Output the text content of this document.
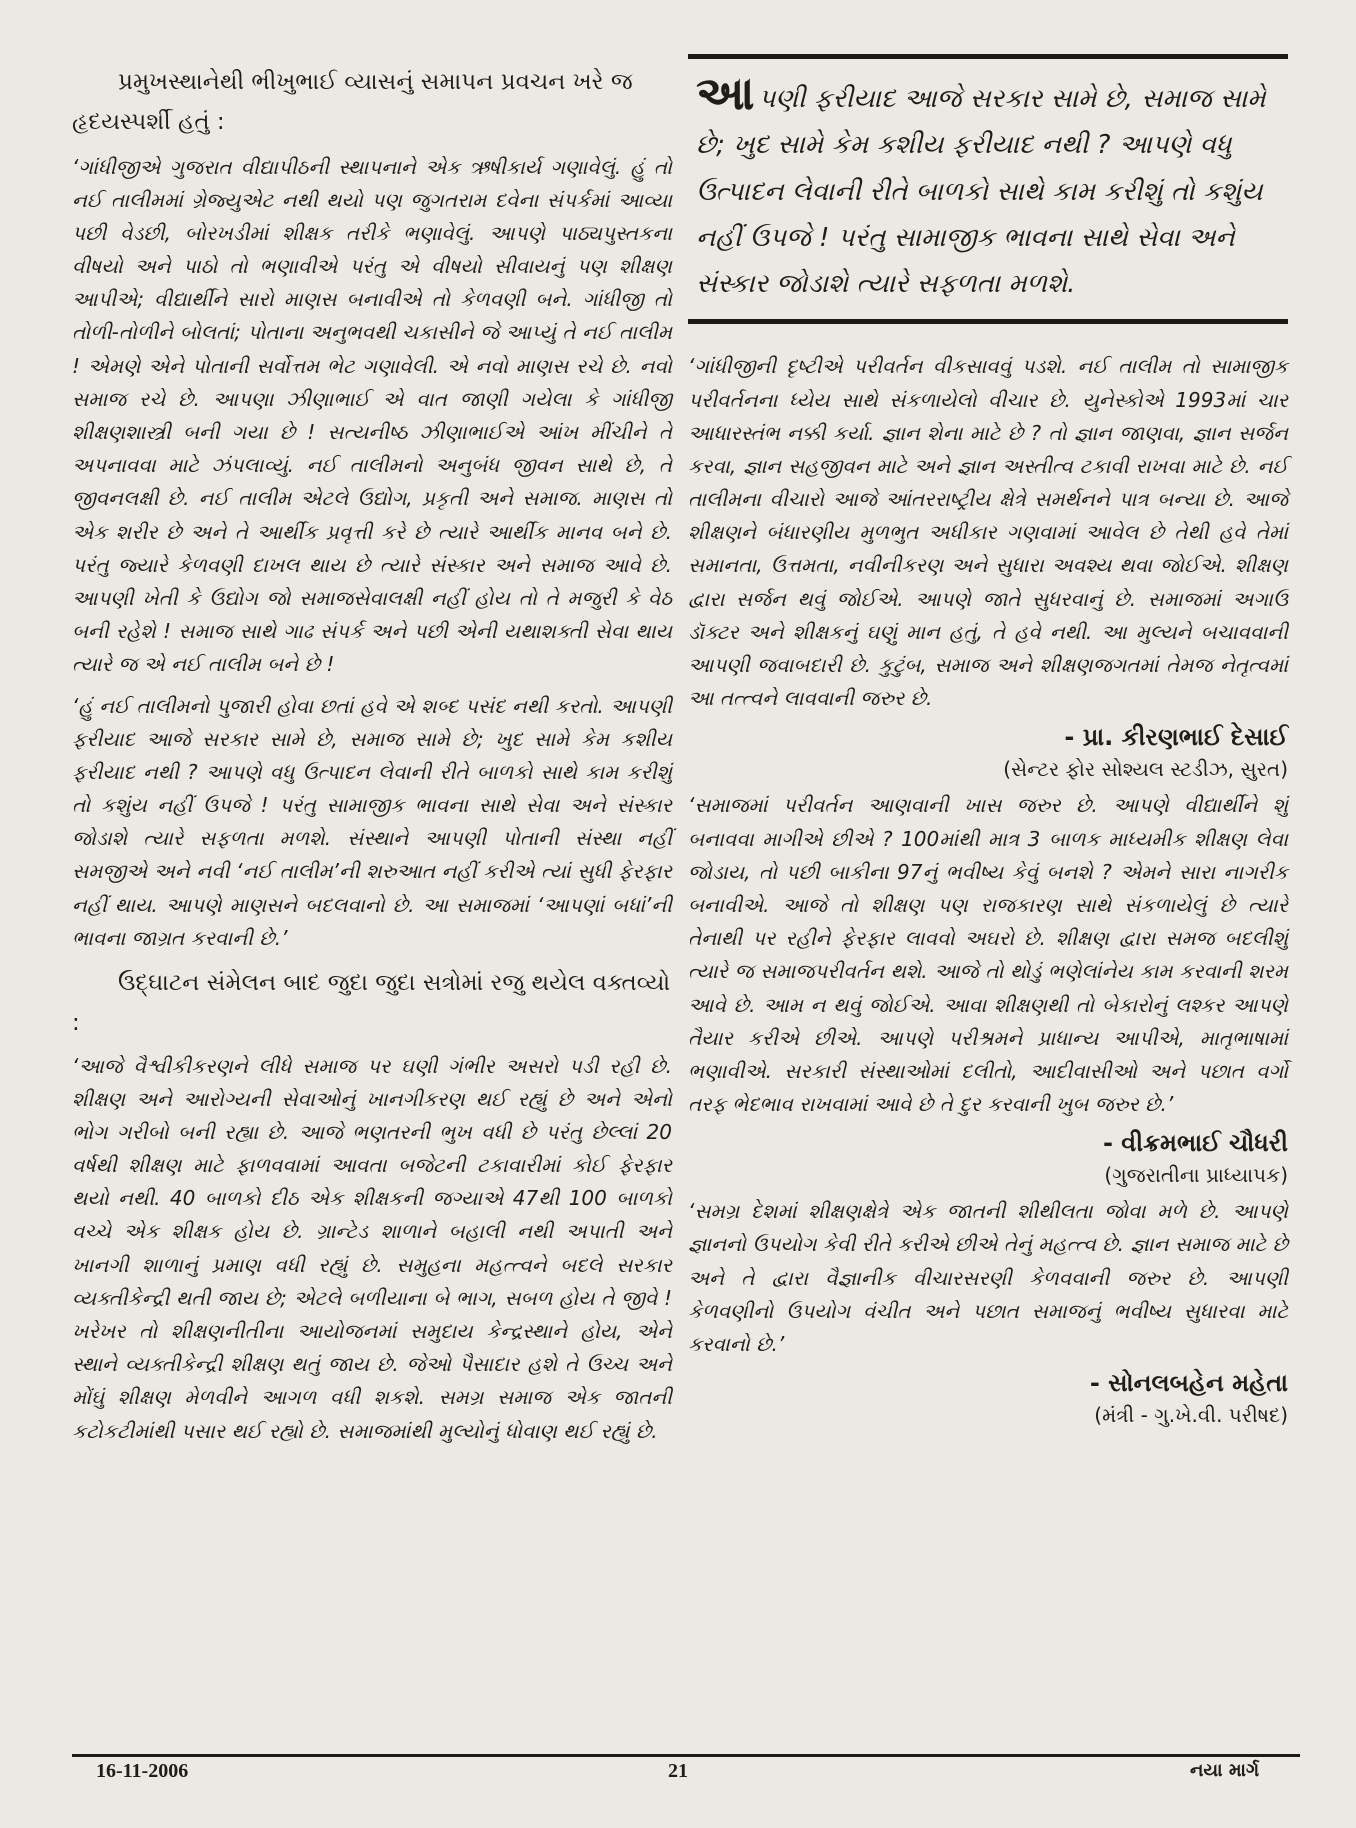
પ્રમુખસ્થાનેથી ભીખુભાઈ વ્યાસનું સમાપન પ્રવચન ખરે જ હૃદયસ્પર્શી હતું :

‘ગાંધીજીએ ગુજરાત વીદ્યાપીઠની સ્થાપનાને એક ઋષીકાર્ય ગણાવેલું. હું તો નઈ તાલીમમાં ગ્રેજ્યુએટ નથી થયો પણ જુગતરામ દવેના સંપર્કમાં આવ્યા પછી વેડછી, બોરખડીમાં શીક્ષક તરીકે ભણાવેલું. આપણે પાઠ્યપુસ્તકના વીષયો અને પાઠો તો ભણાવીએ પરંતુ એ વીષયો સીવાયનું પણ શીક્ષણ આપીએ; વીદ્યાર્થીને સારો માણસ બનાવીએ તો કેળવણી બને. ગાંધીજી તો તોળી-તોળીને બોલતાં; પોતાના અનુભવથી ચકાસીને જે આપ્યું તે નઈ તાલીમ ! એમણે એને પોતાની સર્વોત્તમ ભેટ ગણાવેલી. એ નવો માણસ રચે છે. નવો સમાજ રચે છે. આપણા ઝીણાભાઈ એ વાત જાણી ગયેલા કે ગાંધીજી શીક્ષણશાસ્ત્રી બની ગયા છે ! સત્યનીષ્ઠ ઝીણાભાઈએ આંખ મીંચીને તે અપનાવવા માટે ઝંપલાવ્યું. નઈ તાલીમનો અનુબંધ જીવન સાથે છે, તે જીવનલક્ષી છે. નઈ તાલીમ એટલે ઉદ્યોગ, પ્રકૃતી અને સમાજ. માણસ તો એક શરીર છે અને તે આર્થીક પ્રવૃત્તી કરે છે ત્યારે આર્થીક માનવ બને છે. પરંતુ જ્યારે કેળવણી દાખલ થાય છે ત્યારે સંસ્કાર અને સમાજ આવે છે. આપણી ખેતી કે ઉદ્યોગ જો સમાજસેવાલક્ષી નહીં હોય તો તે મજુરી કે વેઠ બની રહેશે ! સમાજ સાથે ગાઢ સંપર્ક અને પછી એની યથાશક્તી સેવા થાય ત્યારે જ એ નઈ તાલીમ બને છે !

‘હું નઈ તાલીમનો પુજારી હોવા છતાં હવે એ શબ્દ પસંદ નથી કરતો. આપણી ફરીયાદ આજે સરકાર સામે છે, સમાજ સામે છે; ખુદ સામે કેમ કશીય ફરીયાદ નથી ? આપણે વધુ ઉત્પાદન લેવાની રીતે બાળકો સાથે કામ કરીશું તો કશુંય નહીં ઉપજે ! પરંતુ સામાજીક ભાવના સાથે સેવા અને સંસ્કાર જોડાશે ત્યારે સફળતા મળશે. સંસ્થાને આપણી પોતાની સંસ્થા નહીં સમજીએ અને નવી ‘નઈ તાલીમ’ની શરુઆત નહીં કરીએ ત્યાં સુધી ફેરફાર નહીં થાય. આપણે માણસને બદલવાનો છે. આ સમાજમાં ‘આપણાં બધાં’ની ભાવના જાગ્રત કરવાની છે.’

ઉદ્‌ઘાટન સંમેલન બાદ જુદા જુદા સત્રોમાં રજુ થયેલ વક્તવ્યો :

‘આજે વૈશ્વીકીકરણને લીધે સમાજ પર ઘણી ગંભીર અસરો પડી રહી છે. શીક્ષણ અને આરોગ્યની સેવાઓનું ખાનગીકરણ થઈ રહ્યું છે અને એનો ભોગ ગરીબો બની રહ્યા છે. આજે ભણતરની ભુખ વધી છે પરંતુ છેલ્લાં 20 વર્ષથી શીક્ષણ માટે ફાળવવામાં આવતા બજેટની ટકાવારીમાં કોઈ ફેરફાર થયો નથી. 40 બાળકો દીઠ એક શીક્ષકની જગ્યાએ 47થી 100 બાળકો વચ્ચે એક શીક્ષક હોય છે. ગ્રાન્ટેડ શાળાને બહાલી નથી અપાતી અને ખાનગી શાળાનું પ્રમાણ વધી રહ્યું છે. સમુહના મહત્ત્વને બદલે સરકાર વ્યક્તીકેન્દ્રી થતી જાય છે; એટલે બળીયાના બે ભાગ, સબળ હોય તે જીવે ! ખરેખર તો શીક્ષણનીતીના આયોજનમાં સમુદાય કેન્દ્રસ્થાને હોય, એને સ્થાને વ્યક્તીકેન્દ્રી શીક્ષણ થતું જાય છે. જેઓ પૈસાદાર હશે તે ઉચ્ચ અને મોંઘું શીક્ષણ મેળવીને આગળ વધી શકશે. સમગ્ર સમાજ એક જાતની કટોકટીમાંથી પસાર થઈ રહ્યો છે. સમાજમાંથી મુલ્યોનું ધોવાણ થઈ રહ્યું છે.

આપણી ફરીયાદ આજે સરકાર સામે છે, સમાજ સામે છે; ખુદ સામે કેમ કશીય ફરીયાદ નથી ? આપણે વધુ ઉત્પાદન લેવાની રીતે બાળકો સાથે કામ કરીશું તો કશુંય નહીં ઉપજે ! પરંતુ સામાજીક ભાવના સાથે સેવા અને સંસ્કાર જોડાશે ત્યારે સફળતા મળશે.

‘ગાંધીજીની દૃષ્ટીએ પરીવર્તન વીકસાવવું પડશે. નઈ તાલીમ તો સામાજીક પરીવર્તનના ધ્યેય સાથે સંકળાયેલો વીચાર છે. યુનેસ્કોએ 1993માં ચાર આધારસ્તંભ નક્કી કર્યા. જ્ઞાન શેના માટે છે ? તો જ્ઞાન જાણવા, જ્ઞાન સર્જન કરવા, જ્ઞાન સહજીવન માટે અને જ્ઞાન અસ્તીત્વ ટકાવી રાખવા માટે છે. નઈ તાલીમના વીચારો આજે આંતરરાષ્ટ્રીય ક્ષેત્રે સમર્થનને પાત્ર બન્યા છે. આજે શીક્ષણને બંધારણીય મુળભુત અધીકાર ગણવામાં આવેલ છે તેથી હવે તેમાં સમાનતા, ઉત્તમતા, નવીનીકરણ અને સુધારા અવશ્ય થવા જોઈએ. શીક્ષણ દ્વારા સર્જન થવું જોઈએ. આપણે જાતે સુધરવાનું છે. સમાજમાં અગાઉ ડૉક્ટર અને શીક્ષકનું ઘણું માન હતું, તે હવે નથી. આ મુલ્યને બચાવવાની આપણી જવાબદારી છે. કુટુંબ, સમાજ અને શીક્ષણજગતમાં તેમજ નેતૃત્વમાં આ તત્ત્વને લાવવાની જરુર છે.

- પ્રા. કીરણભાઈ દેસાઈ

(સેન્ટર ફોર સોશ્યલ સ્ટડીઝ, સુરત)

‘સમાજમાં પરીવર્તન આણવાની ખાસ જરુર છે. આપણે વીદ્યાર્થીને શું બનાવવા માગીએ છીએ ? 100માંથી માત્ર 3 બાળક માધ્યમીક શીક્ષણ લેવા જોડાય, તો પછી બાકીના 97નું ભવીષ્ય કેવું બનશે ? એમને સારા નાગરીક બનાવીએ. આજે તો શીક્ષણ પણ રાજકારણ સાથે સંકળાયેલું છે ત્યારે તેનાથી પર રહીને ફેરફાર લાવવો અઘરો છે. શીક્ષણ દ્વારા સમજ બદલીશું ત્યારે જ સમાજપરીવર્તન થશે. આજે તો થોડું ભણેલાંનેય કામ કરવાની શરમ આવે છે. આમ ન થવું જોઈએ. આવા શીક્ષણથી તો બેકારોનું લશ્કર આપણે તૈયાર કરીએ છીએ. આપણે પરીશ્રમને પ્રાધાન્ય આપીએ, માતૃભાષામાં ભણાવીએ. સરકારી સંસ્થાઓમાં દલીતો, આદીવાસીઓ અને પછાત વર્ગો તરફ ભેદભાવ રાખવામાં આવે છે તે દુર કરવાની ખુબ જરુર છે.’

- વીક્રમભાઈ ચૌધરી

(ગુજરાતીના પ્રાધ્યાપક)

‘સમગ્ર દેશમાં શીક્ષણક્ષેત્રે એક જાતની શીથીલતા જોવા મળે છે. આપણે જ્ઞાનનો ઉપયોગ કેવી રીતે કરીએ છીએ તેનું મહત્ત્વ છે. જ્ઞાન સમાજ માટે છે અને તે દ્વારા વૈજ્ઞાનીક વીચારસરણી કેળવવાની જરુર છે. આપણી કેળવણીનો ઉપયોગ વંચીત અને પછાત સમાજનું ભવીષ્ય સુધારવા માટે કરવાનો છે.’

- સોનલબહેન મહેતા

(મંત્રી - ગુ.ખે.વી. પરીષદ)

16-11-2006	21	નયા માર્ગ
